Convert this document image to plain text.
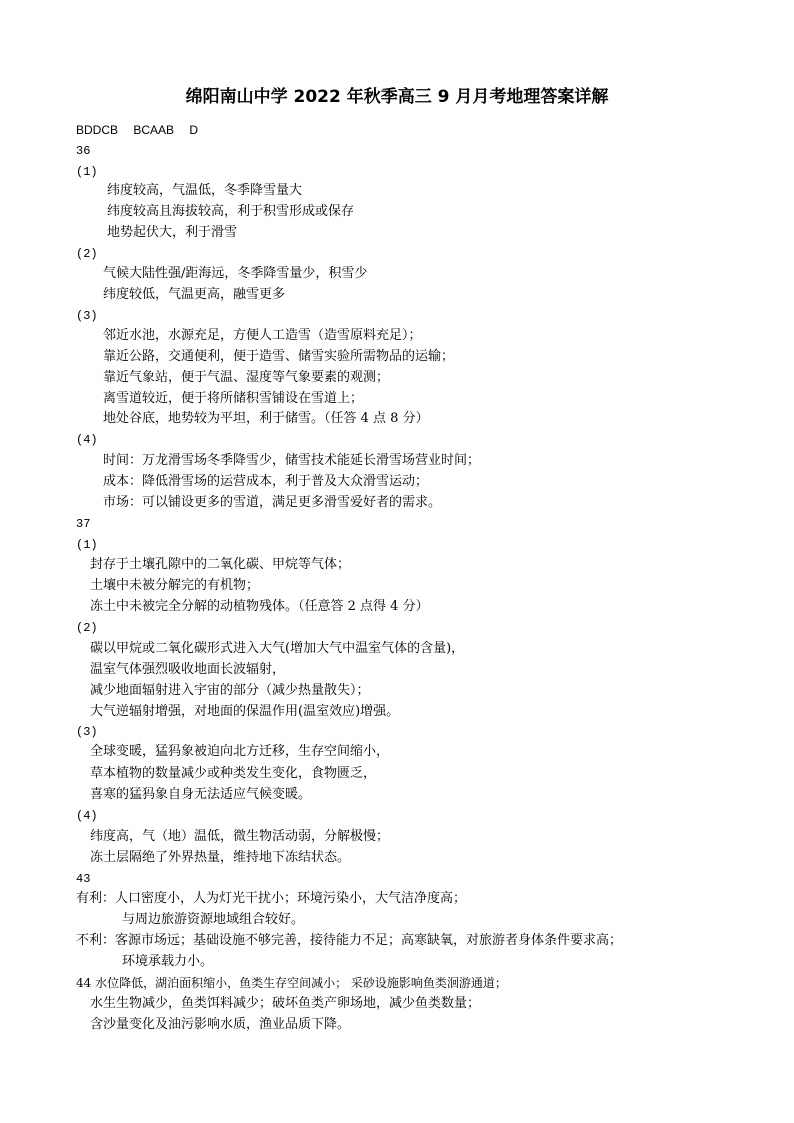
绵阳南山中学 2022 年秋季高三 9 月月考地理答案详解
BDDCB BCAAB D
36
(1)
纬度较高，气温低，冬季降雪量大
纬度较高且海拔较高，利于积雪形成或保存
地势起伏大，利于滑雪
(2)
气候大陆性强/距海远，冬季降雪量少，积雪少
纬度较低，气温更高，融雪更多
(3)
邻近水池，水源充足，方便人工造雪（造雪原料充足）；
靠近公路，交通便利，便于造雪、储雪实验所需物品的运输；
靠近气象站，便于气温、湿度等气象要素的观测；
离雪道较近，便于将所储积雪铺设在雪道上；
地处谷底，地势较为平坦，利于储雪。（任答 4 点 8 分）
(4)
时间：万龙滑雪场冬季降雪少，储雪技术能延长滑雪场营业时间；
成本：降低滑雪场的运营成本，利于普及大众滑雪运动；
市场：可以铺设更多的雪道，满足更多滑雪爱好者的需求。
37
(1)
封存于土壤孔隙中的二氧化碳、甲烷等气体；
土壤中未被分解完的有机物；
冻土中未被完全分解的动植物残体。（任意答 2 点得 4 分）
(2)
碳以甲烷或二氧化碳形式进入大气(增加大气中温室气体的含量)，
温室气体强烈吸收地面长波辐射，
减少地面辐射进入宇宙的部分（减少热量散失）；
大气逆辐射增强，对地面的保温作用(温室效应)增强。
(3)
全球变暖，猛犸象被迫向北方迁移，生存空间缩小，
草本植物的数量减少或种类发生变化，食物匮乏，
喜寒的猛犸象自身无法适应气候变暖。
(4)
纬度高，气（地）温低，微生物活动弱，分解极慢；
冻土层隔绝了外界热量，维持地下冻结状态。
43
有利：人口密度小，人为灯光干扰小；环境污染小，大气洁净度高；
与周边旅游资源地域组合较好。
不利：客源市场远；基础设施不够完善，接待能力不足；高寒缺氧，对旅游者身体条件要求高；
环境承载力小。
44 水位降低，湖泊面积缩小，鱼类生存空间减小； 采砂设施影响鱼类洄游通道；
水生生物减少，鱼类饵料减少；破坏鱼类产卵场地，减少鱼类数量；
含沙量变化及油污影响水质，渔业品质下降。
